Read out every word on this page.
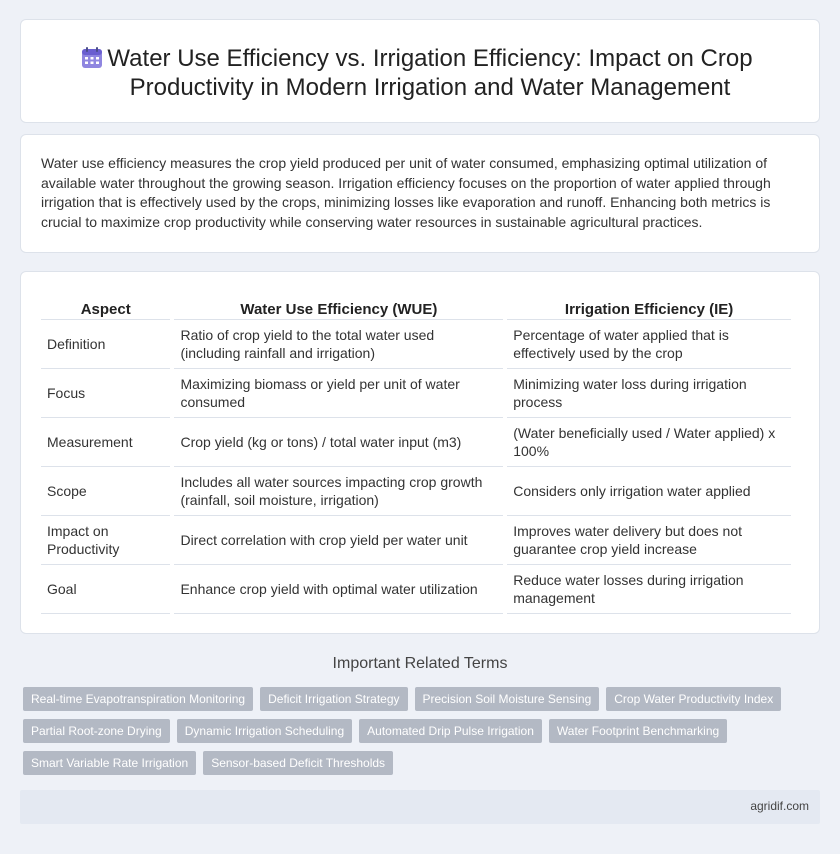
Water Use Efficiency vs. Irrigation Efficiency: Impact on Crop Productivity in Modern Irrigation and Water Management

Water use efficiency measures the crop yield produced per unit of water consumed, emphasizing optimal utilization of available water throughout the growing season. Irrigation efficiency focuses on the proportion of water applied through irrigation that is effectively used by the crops, minimizing losses like evaporation and runoff. Enhancing both metrics is crucial to maximize crop productivity while conserving water resources in sustainable agricultural practices.

Aspect	Water Use Efficiency (WUE)	Irrigation Efficiency (IE)
Definition	Ratio of crop yield to the total water used (including rainfall and irrigation)	Percentage of water applied that is effectively used by the crop
Focus	Maximizing biomass or yield per unit of water consumed	Minimizing water loss during irrigation process
Measurement	Crop yield (kg or tons) / total water input (m3)	(Water beneficially used / Water applied) x 100%
Scope	Includes all water sources impacting crop growth (rainfall, soil moisture, irrigation)	Considers only irrigation water applied
Impact on Productivity	Direct correlation with crop yield per water unit	Improves water delivery but does not guarantee crop yield increase
Goal	Enhance crop yield with optimal water utilization	Reduce water losses during irrigation management
Important Related Terms
Real-time Evapotranspiration Monitoring	Deficit Irrigation Strategy	Precision Soil Moisture Sensing	Crop Water Productivity Index
Partial Root-zone Drying	Dynamic Irrigation Scheduling	Automated Drip Pulse Irrigation	Water Footprint Benchmarking
Smart Variable Rate Irrigation	Sensor-based Deficit Thresholds
agridif.com
